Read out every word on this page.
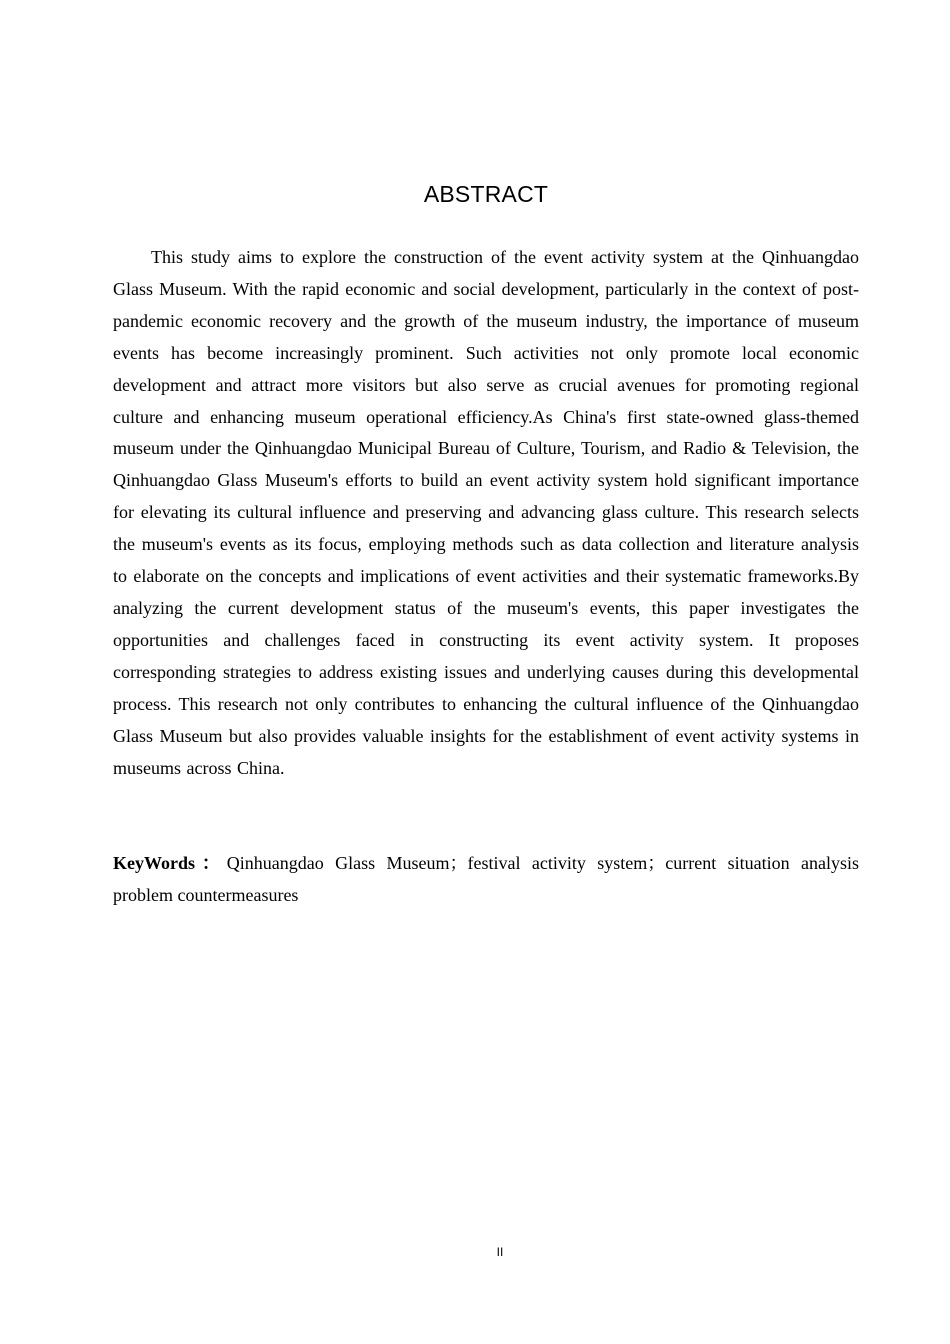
ABSTRACT

This study aims to explore the construction of the event activity system at the Qinhuangdao Glass Museum. With the rapid economic and social development, particularly in the context of post-pandemic economic recovery and the growth of the museum industry, the importance of museum events has become increasingly prominent. Such activities not only promote local economic development and attract more visitors but also serve as crucial avenues for promoting regional culture and enhancing museum operational efficiency.As China's first state-owned glass-themed museum under the Qinhuangdao Municipal Bureau of Culture, Tourism, and Radio & Television, the Qinhuangdao Glass Museum's efforts to build an event activity system hold significant importance for elevating its cultural influence and preserving and advancing glass culture. This research selects the museum's events as its focus, employing methods such as data collection and literature analysis to elaborate on the concepts and implications of event activities and their systematic frameworks.By analyzing the current development status of the museum's events, this paper investigates the opportunities and challenges faced in constructing its event activity system. It proposes corresponding strategies to address existing issues and underlying causes during this developmental process. This research not only contributes to enhancing the cultural influence of the Qinhuangdao Glass Museum but also provides valuable insights for the establishment of event activity systems in museums across China.

KeyWords：Qinhuangdao Glass Museum；festival activity system；current situation analysis problem countermeasures

II
